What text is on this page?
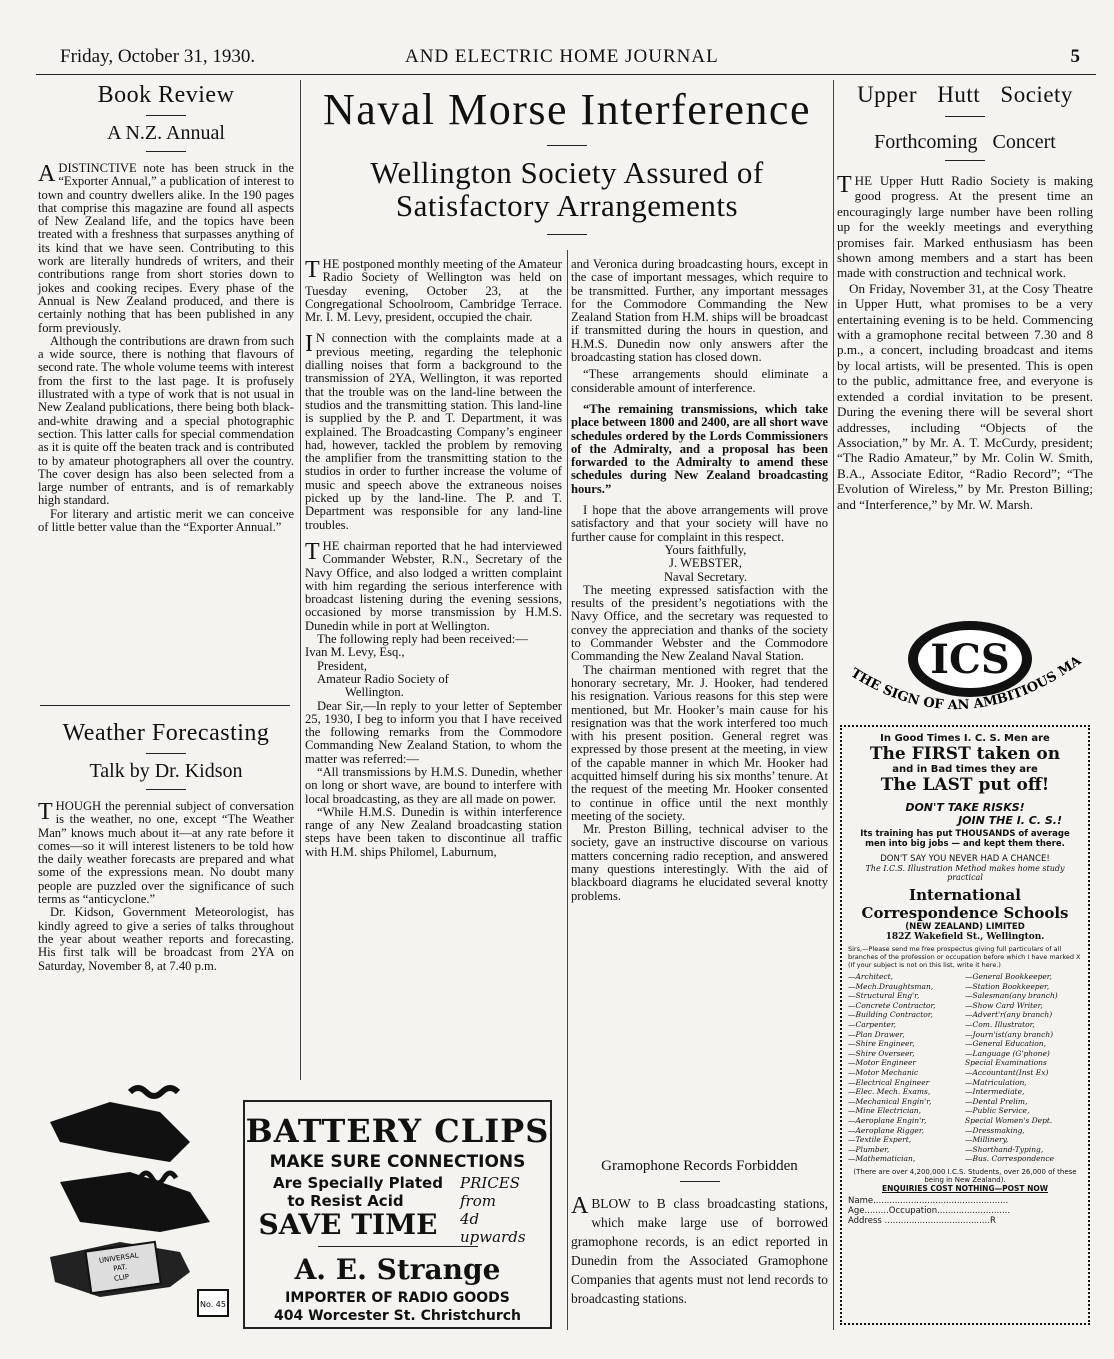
Friday, October 31, 1930.	AND ELECTRIC HOME JOURNAL	5
Book Review
A N.Z. Annual

ADISTINCTIVE note has been struck in the “Exporter Annual,” a publication of interest to town and country dwellers alike. In the 190 pages that comprise this magazine are found all aspects of New Zealand life, and the topics have been treated with a freshness that surpasses anything of its kind that we have seen. Contributing to this work are literally hundreds of writers, and their contributions range from short stories down to jokes and cooking recipes. Every phase of the Annual is New Zealand produced, and there is certainly nothing that has been published in any form previously.

Although the contributions are drawn from such a wide source, there is nothing that flavours of second rate. The whole volume teems with interest from the first to the last page. It is profusely illustrated with a type of work that is not usual in New Zealand publications, there being both black-and-white drawing and a special photographic section. This latter calls for special commendation as it is quite off the beaten track and is contributed to by amateur photographers all over the country. The cover design has also been selected from a large number of entrants, and is of remarkably high standard.

For literary and artistic merit we can conceive of little better value than the “Exporter Annual.”

Weather Forecasting
Talk by Dr. Kidson

THOUGH the perennial subject of conversation is the weather, no one, except “The Weather Man” knows much about it—at any rate before it comes—so it will interest listeners to be told how the daily weather forecasts are prepared and what some of the expressions mean. No doubt many people are puzzled over the significance of such terms as “anticyclone.”

Dr. Kidson, Government Meteorologist, has kindly agreed to give a series of talks throughout the year about weather reports and forecasting. His first talk will be broadcast from 2YA on Saturday, November 8, at 7.40 p.m.

Naval Morse Interference
Wellington Society Assured of Satisfactory Arrangements

THE postponed monthly meeting of the Amateur Radio Society of Wellington was held on Tuesday evening, October 23, at the Congregational Schoolroom, Cambridge Terrace. Mr. I. M. Levy, president, occupied the chair.

I N connection with the complaints made at a previous meeting, regarding the telephonic dialling noises that form a background to the transmission of 2YA, Wellington, it was reported that the trouble was on the land-line between the studios and the transmitting station. This land-line is supplied by the P. and T. Department, it was explained. The Broadcasting Company’s engineer had, however, tackled the problem by removing the amplifier from the transmitting station to the studios in order to further increase the volume of music and speech above the extraneous noises picked up by the land-line. The P. and T. Department was responsible for any land-line troubles.

THE chairman reported that he had interviewed Commander Webster, R.N., Secretary of the Navy Office, and also lodged a written complaint with him regarding the serious interference with broadcast listening during the evening sessions, occasioned by morse transmission by H.M.S. Dunedin while in port at Wellington.

The following reply had been received:—

Ivan M. Levy, Esq.,

President,

Amateur Radio Society of

Wellington.

Dear Sir,—In reply to your letter of September 25, 1930, I beg to inform you that I have received the following remarks from the Commodore Commanding New Zealand Station, to whom the matter was referred:—

“All transmissions by H.M.S. Dunedin, whether on long or short wave, are bound to interfere with local broadcasting, as they are all made on power.

“While H.M.S. Dunedin is within interference range of any New Zealand broadcasting station steps have been taken to discontinue all traffic with H.M. ships Philomel, Laburnum,

and Veronica during broadcasting hours, except in the case of important messages, which require to be transmitted. Further, any important messages for the Commodore Commanding the New Zealand Station from H.M. ships will be broadcast if transmitted during the hours in question, and H.M.S. Dunedin now only answers after the broadcasting station has closed down.

“These arrangements should eliminate a considerable amount of interference.

“The remaining transmissions, which take place between 1800 and 2400, are all short wave schedules ordered by the Lords Commissioners of the Admiralty, and a proposal has been forwarded to the Admiralty to amend these schedules during New Zealand broadcasting hours.”

I hope that the above arrangements will prove satisfactory and that your society will have no further cause for complaint in this respect.

Yours faithfully,

J. WEBSTER,

Naval Secretary.

The meeting expressed satisfaction with the results of the president’s negotiations with the Navy Office, and the secretary was requested to convey the appreciation and thanks of the society to Commander Webster and the Commodore Commanding the New Zealand Naval Station.

The chairman mentioned with regret that the honorary secretary, Mr. J. Hooker, had tendered his resignation. Various reasons for this step were mentioned, but Mr. Hooker’s main cause for his resignation was that the work interfered too much with his present position. General regret was expressed by those present at the meeting, in view of the capable manner in which Mr. Hooker had acquitted himself during his six months’ tenure. At the request of the meeting Mr. Hooker consented to continue in office until the next monthly meeting of the society.

Mr. Preston Billing, technical adviser to the society, gave an instructive discourse on various matters concerning radio reception, and answered many questions interestingly. With the aid of blackboard diagrams he elucidated several knotty problems.

Gramophone Records Forbidden

ABLOW to B class broadcasting stations, which make large use of borrowed gramophone records, is an edict reported in Dunedin from the Associated Gramophone Companies that agents must not lend records to broadcasting stations.

Upper Hutt Society
Forthcoming Concert

THE Upper Hutt Radio Society is making good progress. At the present time an encouragingly large number have been rolling up for the weekly meetings and everything promises fair. Marked enthusiasm has been shown among members and a start has been made with construction and technical work.

On Friday, November 31, at the Cosy Theatre in Upper Hutt, what promises to be a very entertaining evening is to be held. Commencing with a gramophone recital between 7.30 and 8 p.m., a concert, including broadcast and items by local artists, will be presented. This is open to the public, admittance free, and everyone is extended a cordial invitation to be present. During the evening there will be several short addresses, including “Objects of the Association,” by Mr. A. T. McCurdy, president; “The Radio Amateur,” by Mr. Colin W. Smith, B.A., Associate Editor, “Radio Record”; “The Evolution of Wireless,” by Mr. Preston Billing; and “Interference,” by Mr. W. Marsh.

UNIVERSAL
PAT.
CLIP
No. 45
BATTERY CLIPS
MAKE SURE CONNECTIONS
Are Specially Plated
to Resist Acid
SAVE TIME
PRICES
from
4d upwards
A. E. Strange
IMPORTER OF RADIO GOODS
404 Worcester St. Christchurch
ICS
THE SIGN OF AN AMBITIOUS MA
In Good Times I. C. S. Men are
The FIRST taken on
and in Bad times they are
The LAST put off!
DON'T TAKE RISKS!
JOIN THE I. C. S.!
Its training has put THOUSANDS of average men into big jobs — and kept them there.
DON'T SAY YOU NEVER HAD A CHANCE!
The I.C.S. Illustration Method makes home study practical
International
Correspondence Schools
(NEW ZEALAND) LIMITED
182Z Wakefield St., Wellington.
Sirs,—Please send me free prospectus giving full particulars of all branches of the profession or occupation before which I have marked X (If your subject is not on this list, write it here.)
—Architect,	—General Bookkeeper,
—Mech.Draughtsman,	—Station Bookkeeper,
—Structural Eng'r,	—Salesman(any branch)
—Concrete Contractor,	—Show Card Writer,
—Building Contractor,	—Advert'r(any branch)
—Carpenter,	—Com. Illustrator,
—Plan Drawer,	—Journ'ist(any branch)
—Shire Engineer,	—General Education,
—Shire Overseer,	—Language (G'phone)
—Motor Engineer	Special Examinations
—Motor Mechanic	—Accountant(Inst Ex)
—Electrical Engineer	—Matriculation,
—Elec. Mech. Exams,	—Intermediate,
—Mechanical Engin'r,	—Dental Prelim,
—Mine Electrician,	—Public Service,
—Aeroplane Engin'r,	Special Women's Dept.
—Aeroplane Rigger,	—Dressmaking,
—Textile Expert,	—Millinery,
—Plumber,	—Shorthand-Typing,
—Mathematician,	—Bus. Correspondence
(There are over 4,200,000 I.C.S. Students, over 26,000 of these being in New Zealand).
ENQUIRIES COST NOTHING—POST NOW
Name..................................................
Age.........Occupation...........................
Address .......................................R
